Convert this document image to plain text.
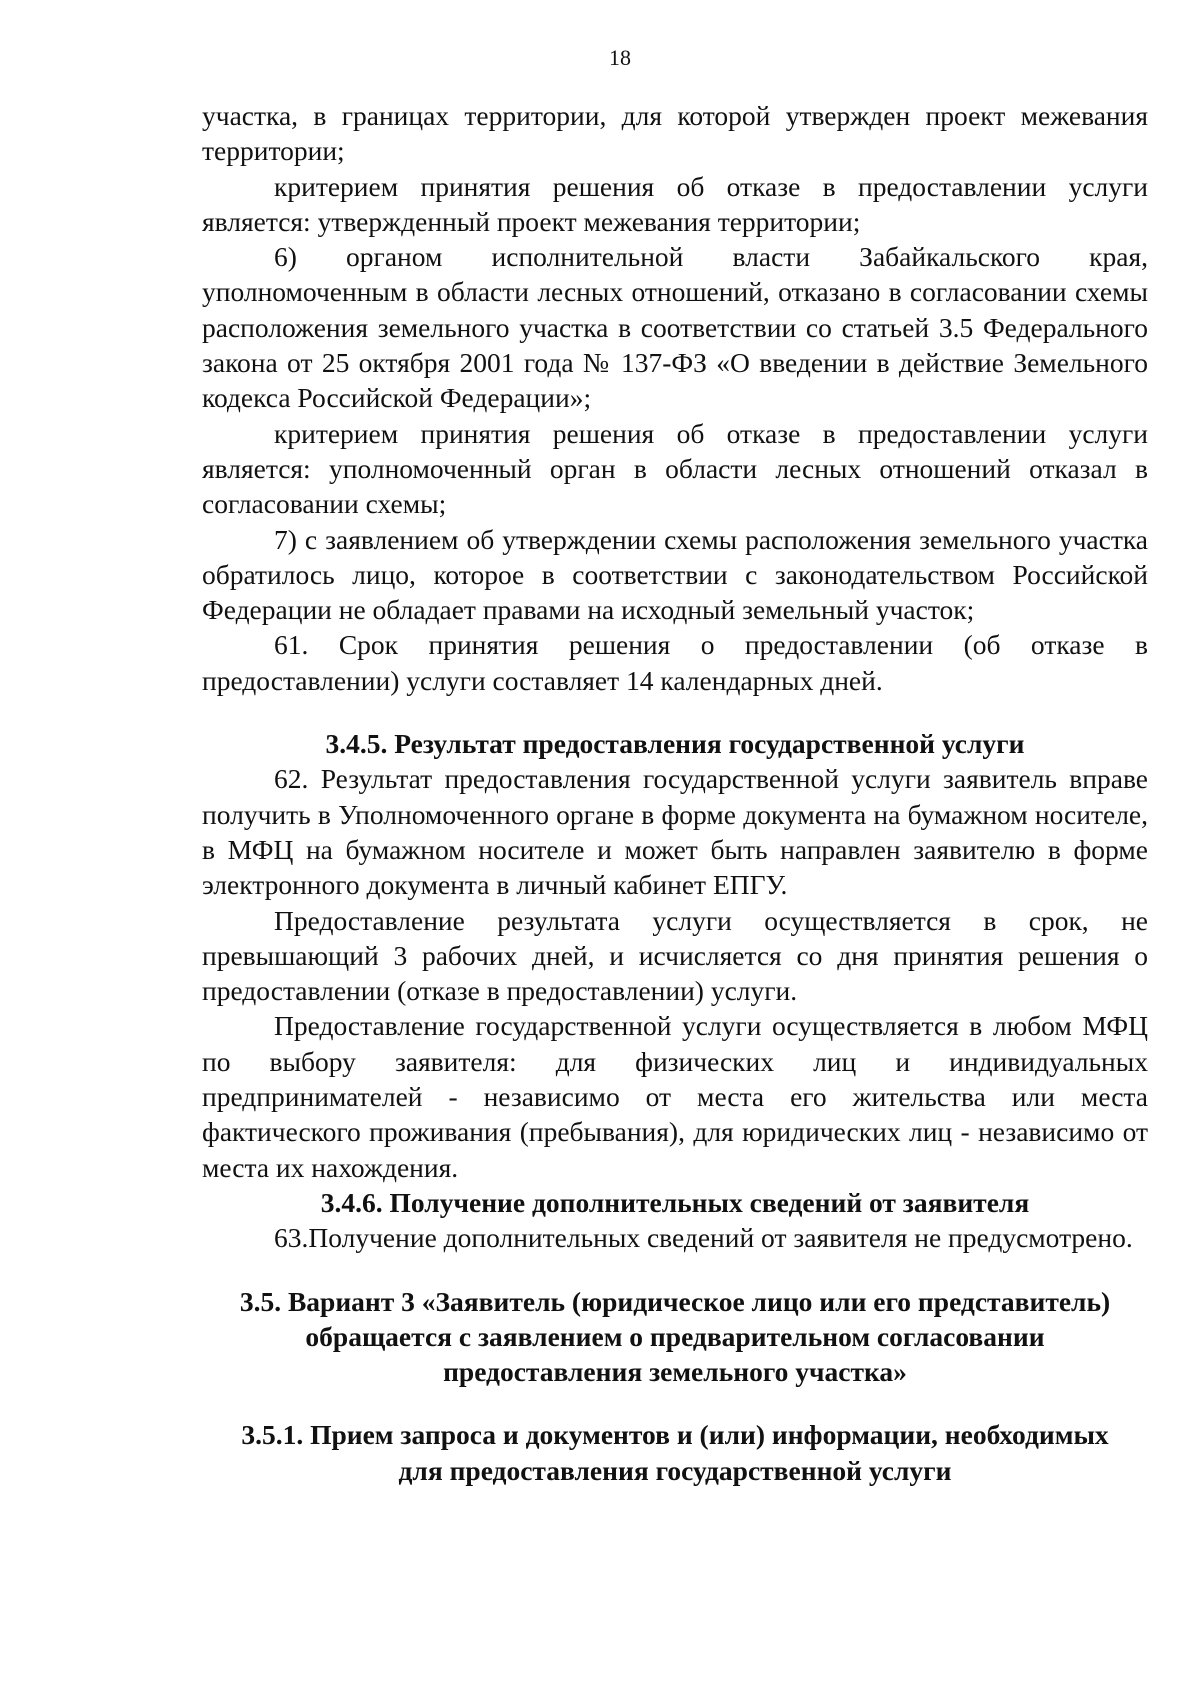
18

участка, в границах территории, для которой утвержден проект межевания территории;

критерием принятия решения об отказе в предоставлении услуги является: утвержденный проект межевания территории;

6) органом исполнительной власти Забайкальского края, уполномоченным в области лесных отношений, отказано в согласовании схемы расположения земельного участка в соответствии со статьей 3.5 Федерального закона от 25 октября 2001 года № 137-ФЗ «О введении в действие Земельного кодекса Российской Федерации»;

критерием принятия решения об отказе в предоставлении услуги является: уполномоченный орган в области лесных отношений отказал в согласовании схемы;

7) с заявлением об утверждении схемы расположения земельного участка обратилось лицо, которое в соответствии с законодательством Российской Федерации не обладает правами на исходный земельный участок;

61. Срок принятия решения о предоставлении (об отказе в предоставлении) услуги составляет 14 календарных дней.

3.4.5. Результат предоставления государственной услуги

62. Результат предоставления государственной услуги заявитель вправе получить в Уполномоченного органе в форме документа на бумажном носителе, в МФЦ на бумажном носителе и может быть направлен заявителю в форме электронного документа в личный кабинет ЕПГУ.

Предоставление результата услуги осуществляется в срок, не превышающий 3 рабочих дней, и исчисляется со дня принятия решения о предоставлении (отказе в предоставлении) услуги.

Предоставление государственной услуги осуществляется в любом МФЦ по выбору заявителя: для физических лиц и индивидуальных предпринимателей - независимо от места его жительства или места фактического проживания (пребывания), для юридических лиц - независимо от места их нахождения.

3.4.6. Получение дополнительных сведений от заявителя

63.Получение дополнительных сведений от заявителя не предусмотрено.

3.5. Вариант 3 «Заявитель (юридическое лицо или его представитель)
обращается с заявлением о предварительном согласовании
предоставления земельного участка»
3.5.1. Прием запроса и документов и (или) информации, необходимых
для предоставления государственной услуги
